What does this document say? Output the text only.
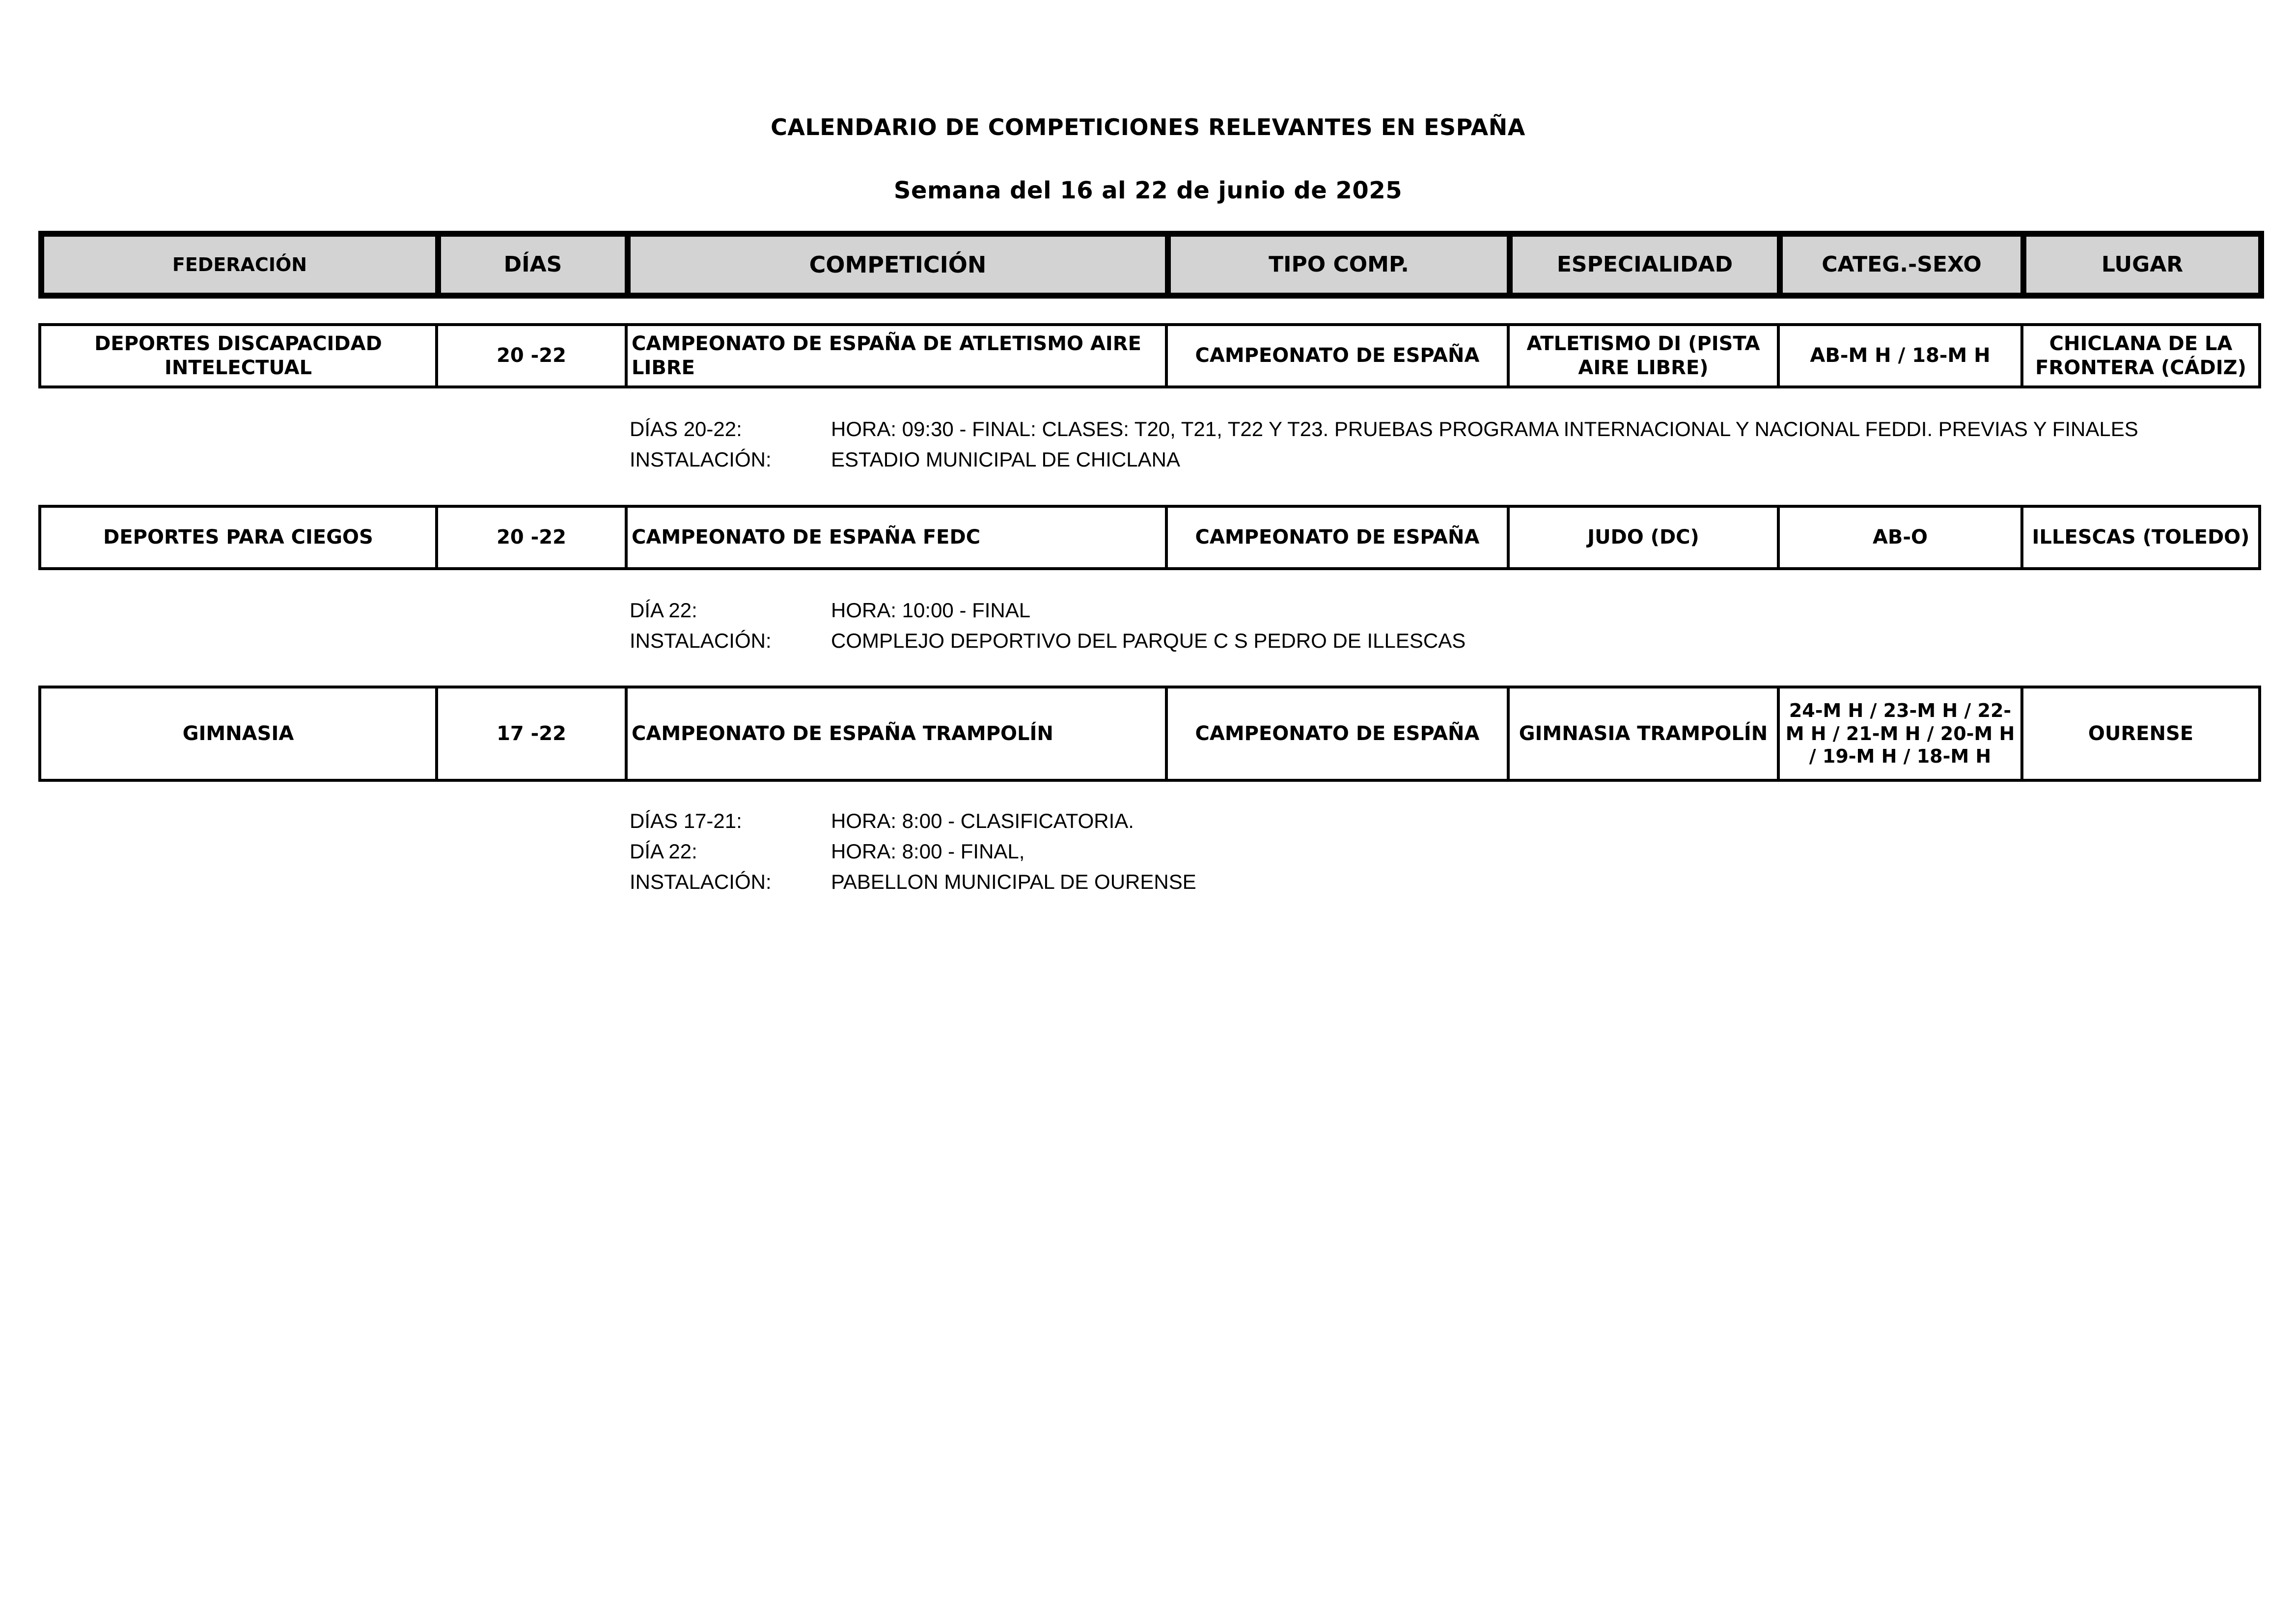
CALENDARIO DE COMPETICIONES RELEVANTES EN ESPAÑA
Semana del 16 al 22 de junio de 2025
FEDERACIÓN	DÍAS	COMPETICIÓN	TIPO COMP.	ESPECIALIDAD	CATEG.-SEXO	LUGAR
DEPORTES DISCAPACIDAD INTELECTUAL	20 -22	CAMPEONATO DE ESPAÑA DE ATLETISMO AIRE LIBRE	CAMPEONATO DE ESPAÑA	ATLETISMO DI (PISTA AIRE LIBRE)	AB-M H / 18-M H	CHICLANA DE LA FRONTERA (CÁDIZ)
DÍAS 20-22:	HORA: 09:30 - FINAL: CLASES: T20, T21, T22 Y T23. PRUEBAS PROGRAMA INTERNACIONAL Y NACIONAL FEDDI. PREVIAS Y FINALES
INSTALACIÓN:	ESTADIO MUNICIPAL DE CHICLANA
DEPORTES PARA CIEGOS	20 -22	CAMPEONATO DE ESPAÑA FEDC	CAMPEONATO DE ESPAÑA	JUDO (DC)	AB-O	ILLESCAS (TOLEDO)
DÍA 22:	HORA: 10:00 - FINAL
INSTALACIÓN:	COMPLEJO DEPORTIVO DEL PARQUE C S PEDRO DE ILLESCAS
GIMNASIA	17 -22	CAMPEONATO DE ESPAÑA TRAMPOLÍN	CAMPEONATO DE ESPAÑA	GIMNASIA TRAMPOLÍN	24-M H / 23-M H / 22-M H / 21-M H / 20-M H / 19-M H / 18-M H	OURENSE
DÍAS 17-21:	HORA: 8:00 - CLASIFICATORIA.
DÍA 22:	HORA: 8:00 - FINAL,
INSTALACIÓN:	PABELLON MUNICIPAL DE OURENSE
